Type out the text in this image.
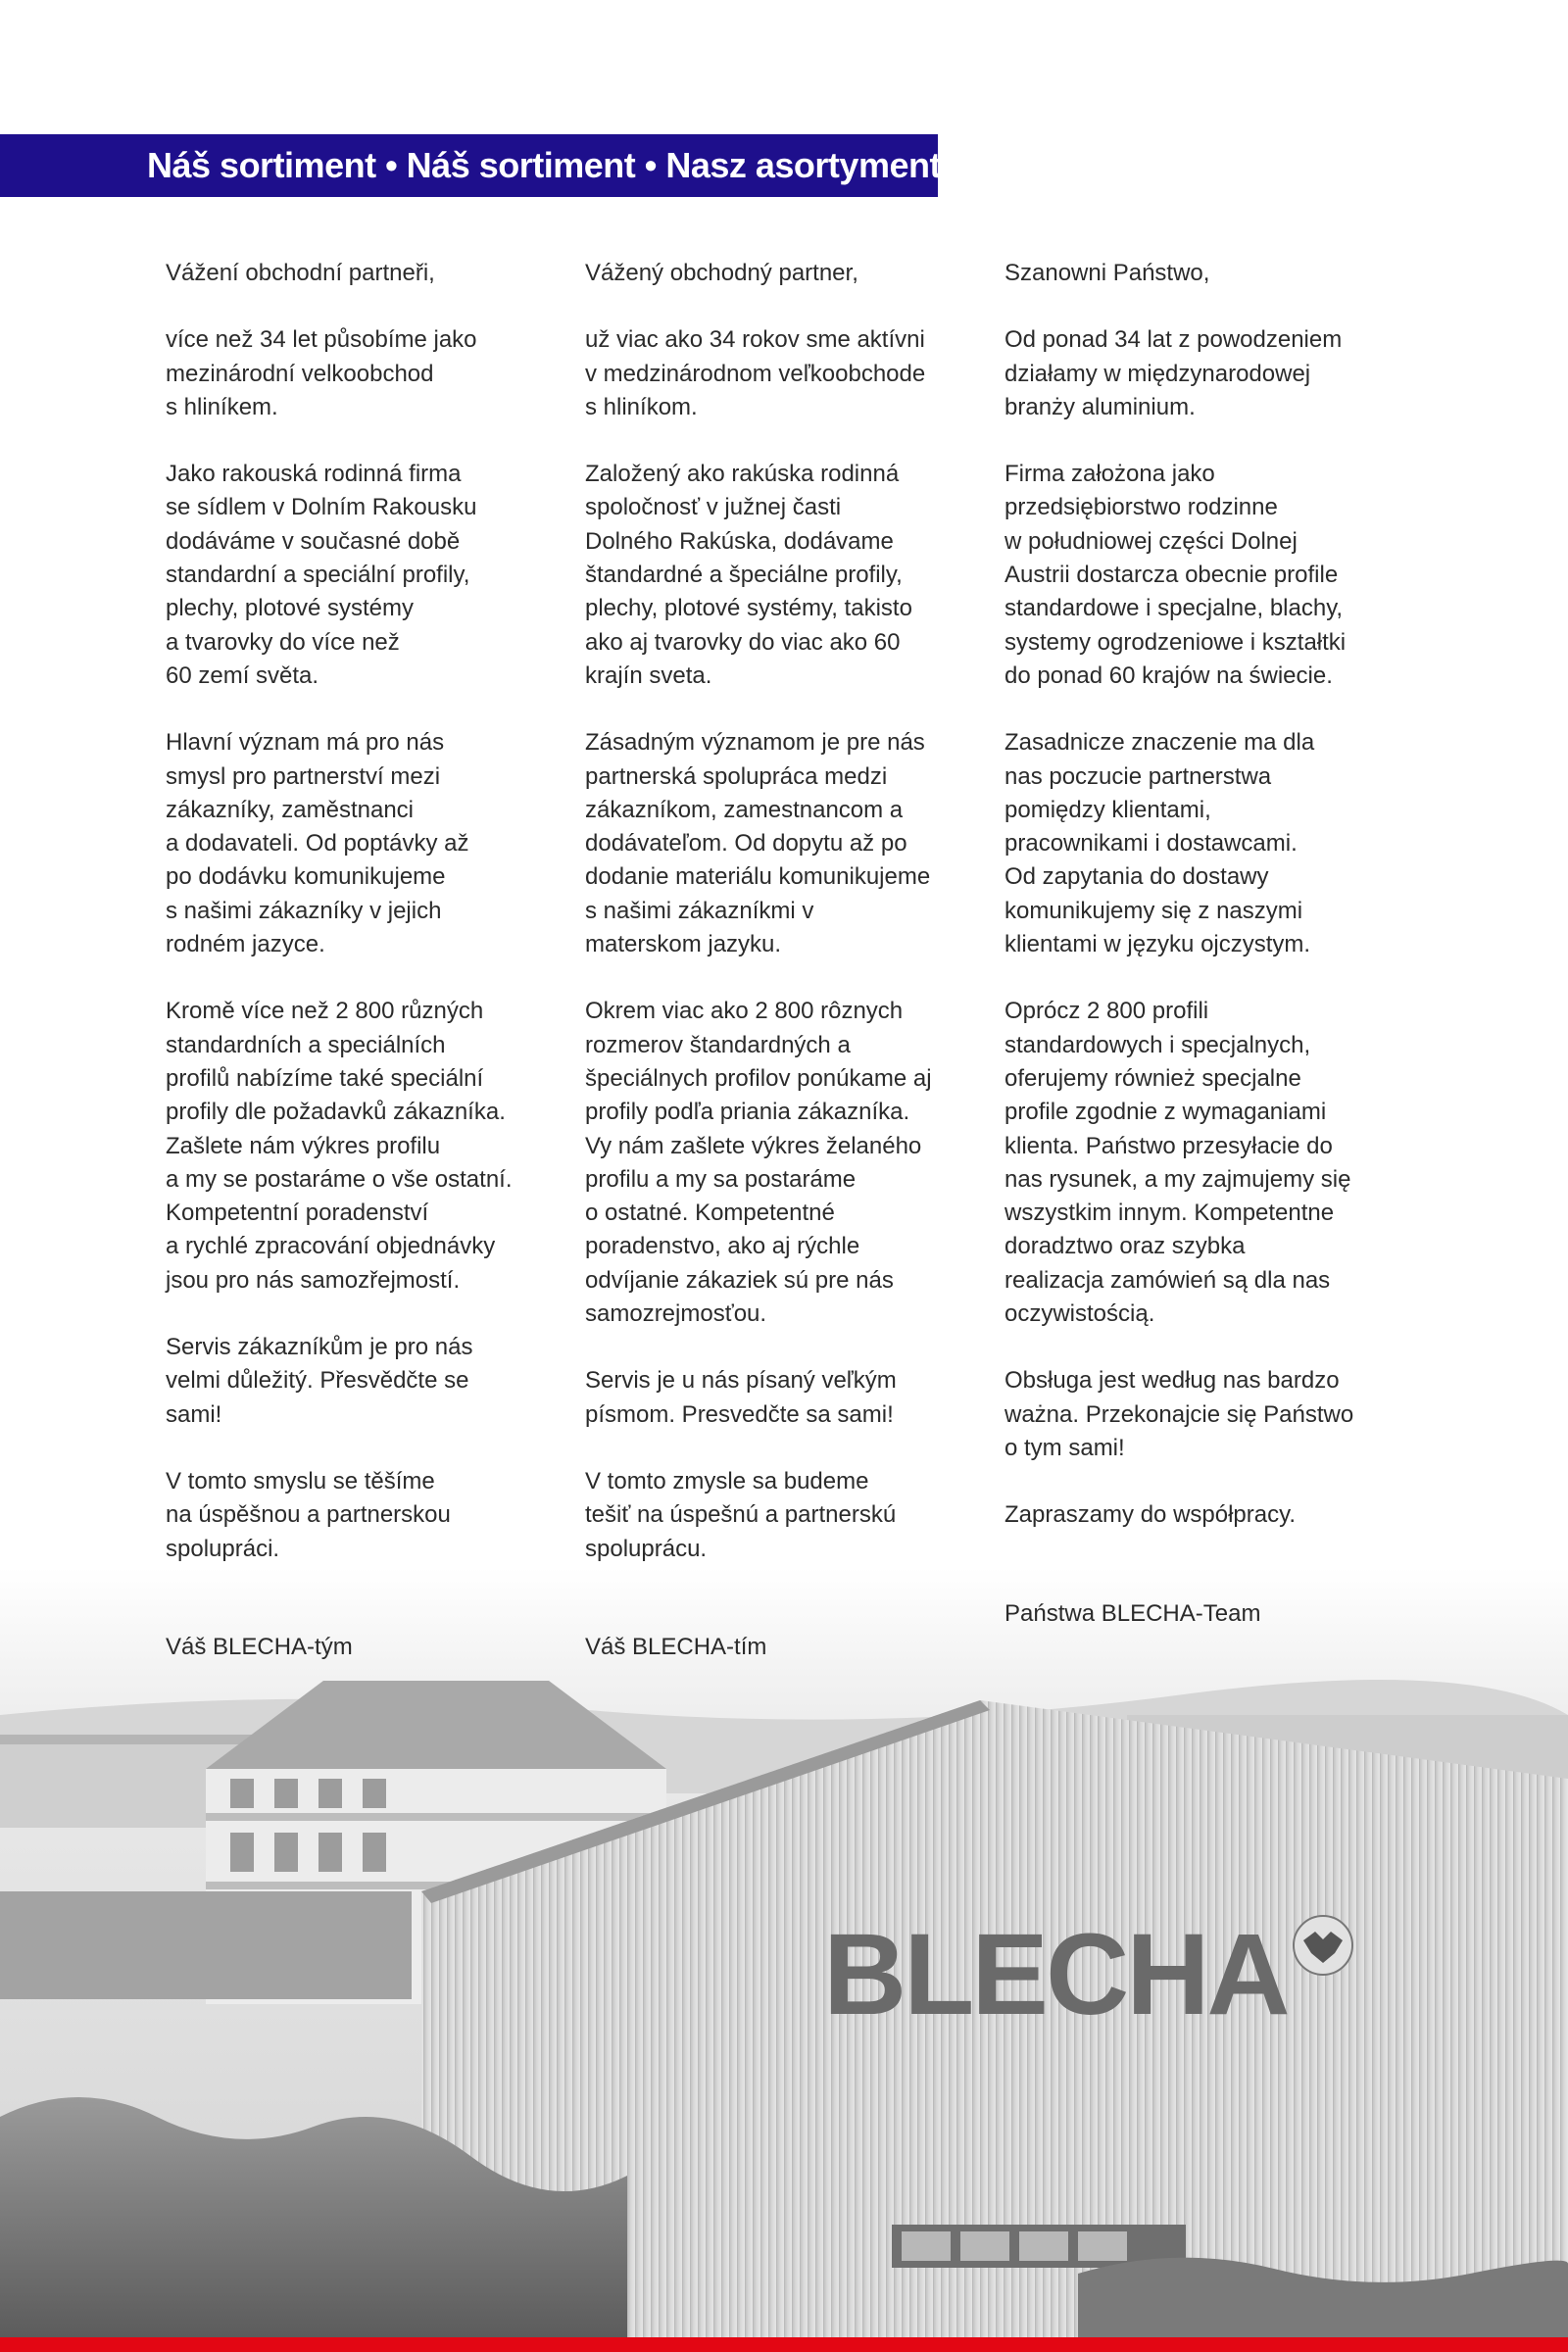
Náš sortiment • Náš sortiment • Nasz asortyment
BLECHA
Vážení obchodní partneři,
více než 34 let působíme jako
mezinárodní velkoobchod
s hliníkem.
Jako rakouská rodinná firma
se sídlem v Dolním Rakousku
dodáváme v současné době
standardní a speciální profily,
plechy, plotové systémy
a tvarovky do více než
60 zemí světa.
Hlavní význam má pro nás
smysl pro partnerství mezi
zákazníky, zaměstnanci
a dodavateli. Od poptávky až
po dodávku komunikujeme
s našimi zákazníky v jejich
rodném jazyce.
Kromě více než 2 800 různých
standardních a speciálních
profilů nabízíme také speciální
profily dle požadavků zákazníka.
Zašlete nám výkres profilu
a my se postaráme o vše ostatní.
Kompetentní poradenství
a rychlé zpracování objednávky
jsou pro nás samozřejmostí.
Servis zákazníkům je pro nás
velmi důležitý. Přesvědčte se
sami!
V tomto smyslu se těšíme
na úspěšnou a partnerskou
spolupráci.
Vážený obchodný partner,
už viac ako 34 rokov sme aktívni
v medzinárodnom veľkoobchode
s hliníkom.
Založený ako rakúska rodinná
spoločnosť v južnej časti
Dolného Rakúska, dodávame
štandardné a špeciálne profily,
plechy, plotové systémy, takisto
ako aj tvarovky do viac ako 60
krajín sveta.
Zásadným významom je pre nás
partnerská spolupráca medzi
zákazníkom, zamestnancom a
dodávateľom. Od dopytu až po
dodanie materiálu komunikujeme
s našimi zákazníkmi v
materskom jazyku.
Okrem viac ako 2 800 rôznych
rozmerov štandardných a
špeciálnych profilov ponúkame aj
profily podľa priania zákazníka.
Vy nám zašlete výkres želaného
profilu a my sa postaráme
o ostatné. Kompetentné
poradenstvo, ako aj rýchle
odvíjanie zákaziek sú pre nás
samozrejmosťou.
Servis je u nás písaný veľkým
písmom. Presvedčte sa sami!
V tomto zmysle sa budeme
tešiť na úspešnú a partnerskú
spoluprácu.
Szanowni Państwo,
Od ponad 34 lat z powodzeniem
działamy w międzynarodowej
branży aluminium.
Firma założona jako
przedsiębiorstwo rodzinne
w południowej części Dolnej
Austrii dostarcza obecnie profile
standardowe i specjalne, blachy,
systemy ogrodzeniowe i kształtki
do ponad 60 krajów na świecie.
Zasadnicze znaczenie ma dla
nas poczucie partnerstwa
pomiędzy klientami,
pracownikami i dostawcami.
Od zapytania do dostawy
komunikujemy się z naszymi
klientami w języku ojczystym.
Oprócz 2 800 profili
standardowych i specjalnych,
oferujemy również specjalne
profile zgodnie z wymaganiami
klienta. Państwo przesyłacie do
nas rysunek, a my zajmujemy się
wszystkim innym. Kompetentne
doradztwo oraz szybka
realizacja zamówień są dla nas
oczywistością.
Obsługa jest według nas bardzo
ważna. Przekonajcie się Państwo
o tym sami!
Zapraszamy do współpracy.
Váš BLECHA-tým	Váš BLECHA-tím
Państwa BLECHA-Team
